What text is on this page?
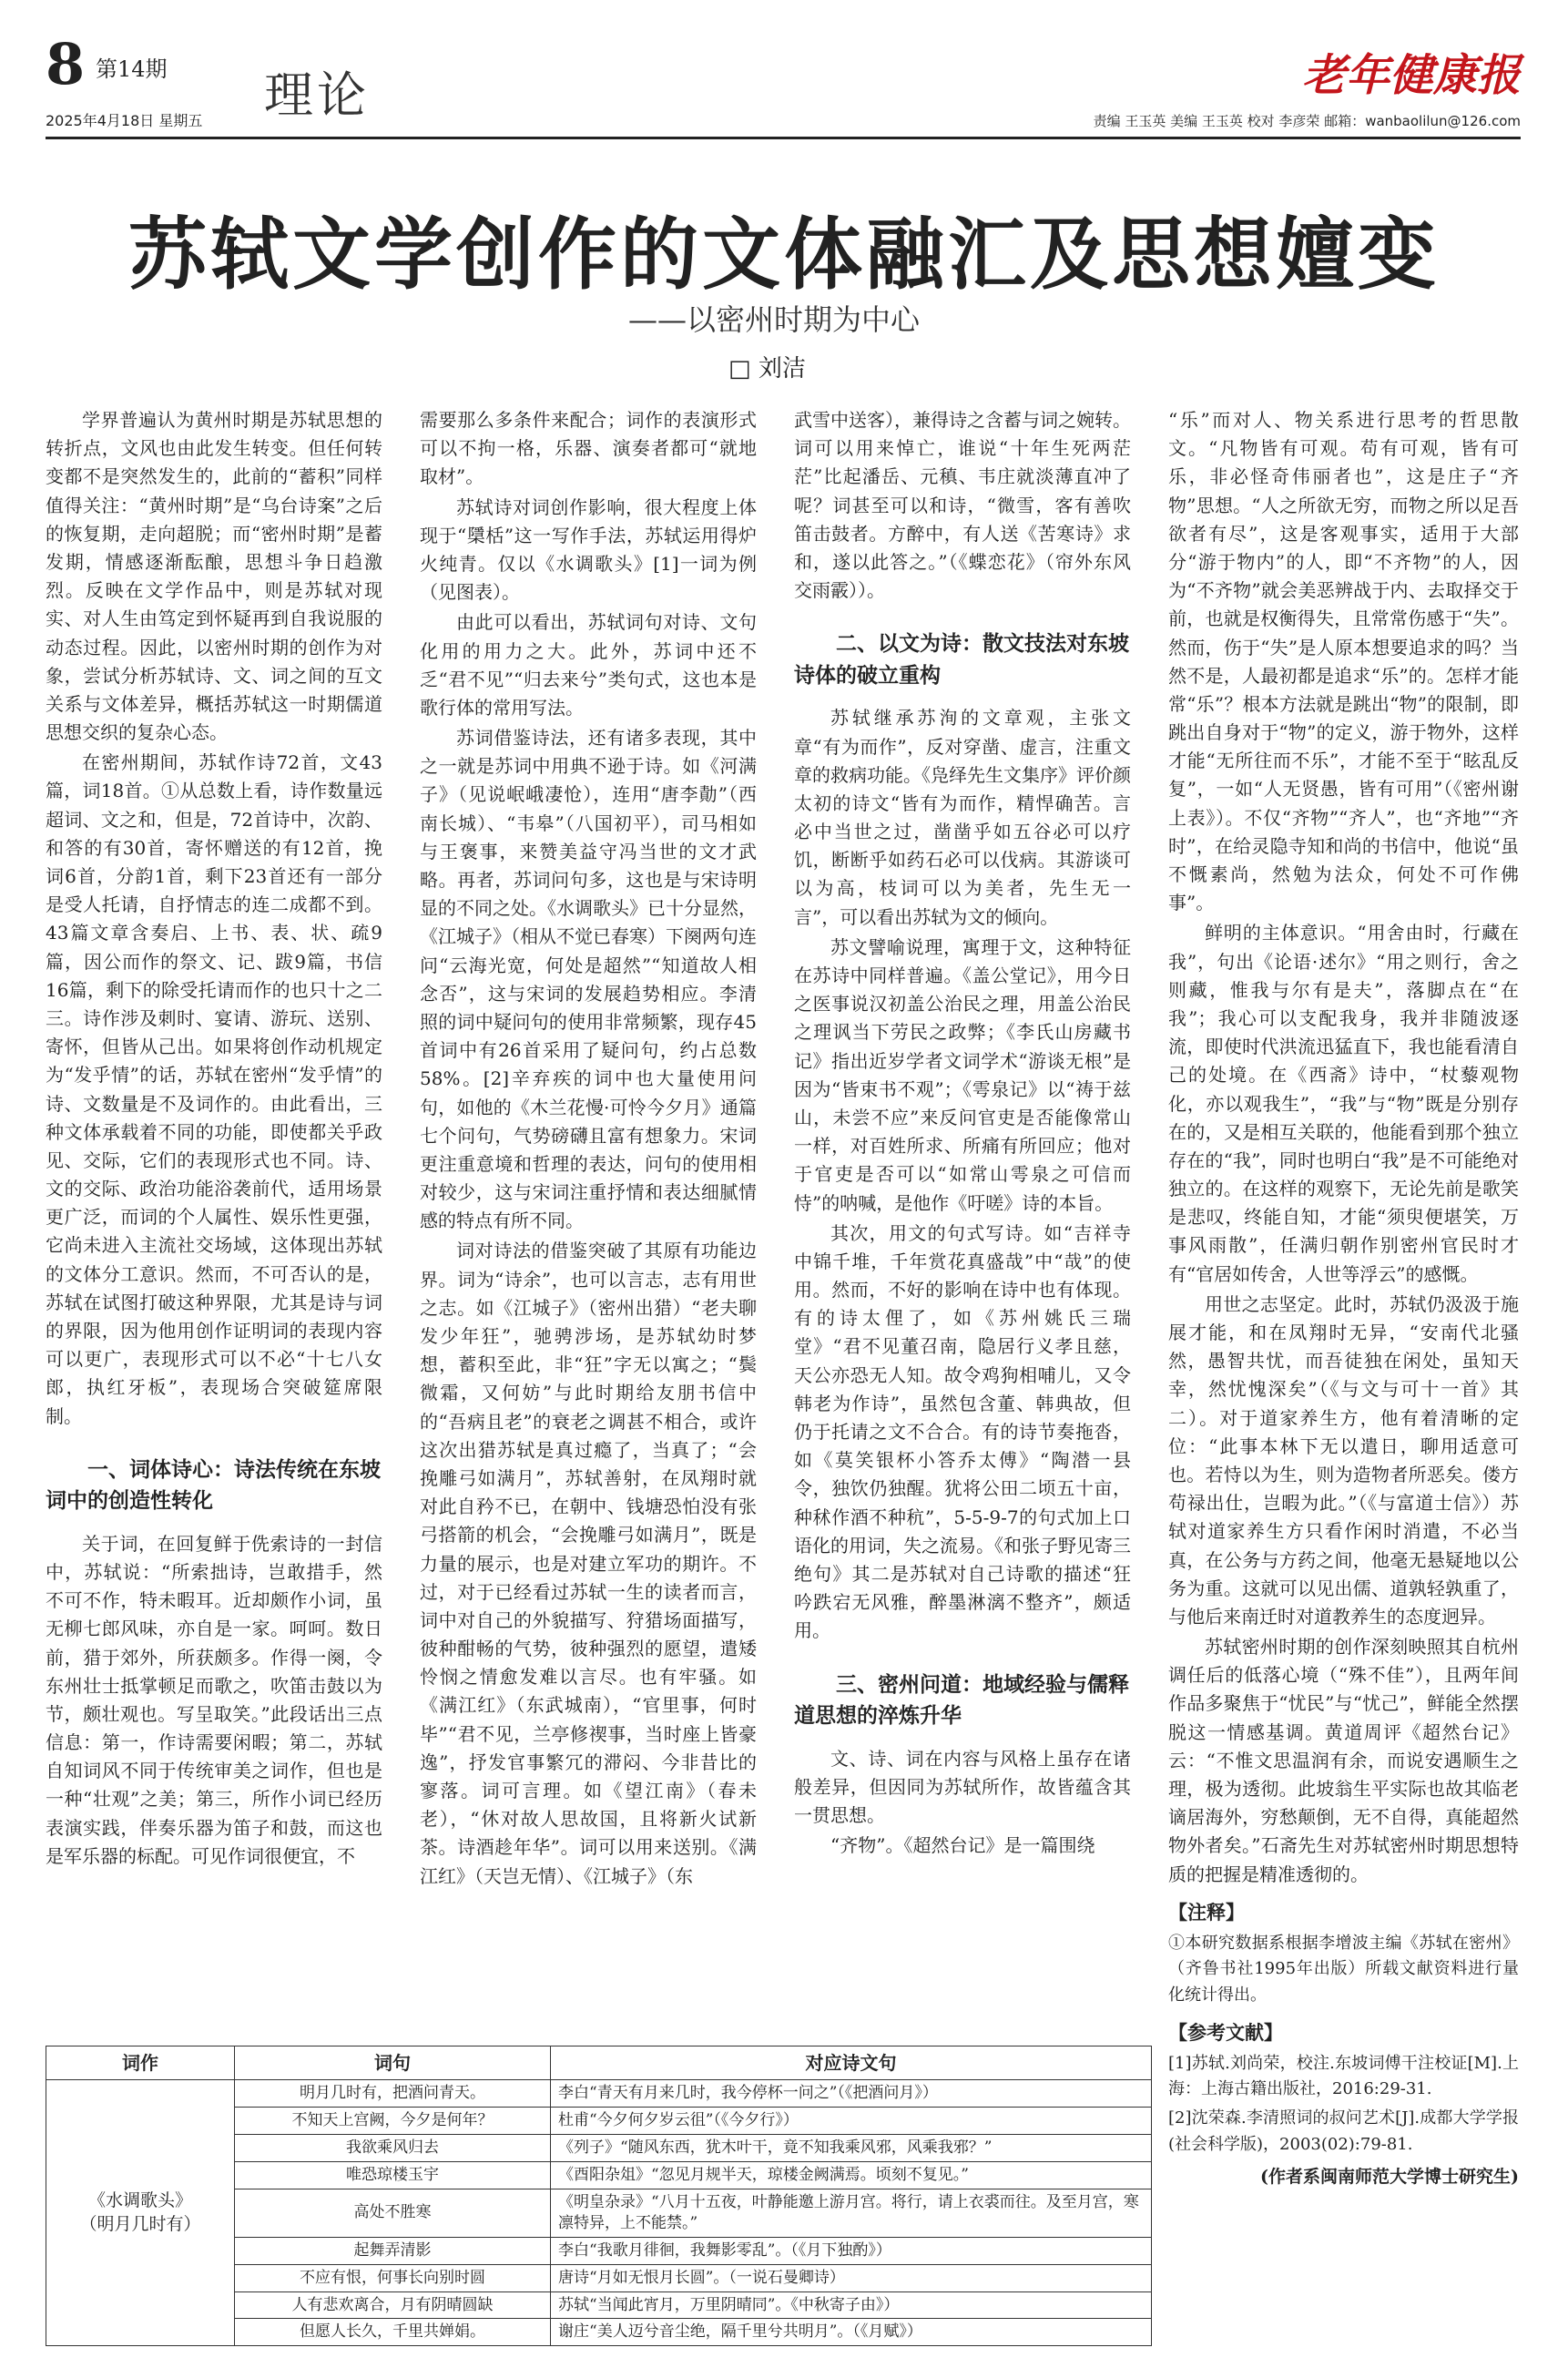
8 第14期
2025年4月18日 星期五 理论	老年健康报
责编 王玉英 美编 王玉英 校对 李彦荣 邮箱：wanbaolilun@126.com
苏轼文学创作的文体融汇及思想嬗变
——以密州时期为中心
□ 刘洁

学界普遍认为黄州时期是苏轼思想的转折点，文风也由此发生转变。但任何转变都不是突然发生的，此前的“蓄积”同样值得关注：“黄州时期”是“乌台诗案”之后的恢复期，走向超脱；而“密州时期”是蓄发期，情感逐渐酝酿，思想斗争日趋激烈。反映在文学作品中，则是苏轼对现实、对人生由笃定到怀疑再到自我说服的动态过程。因此，以密州时期的创作为对象，尝试分析苏轼诗、文、词之间的互文关系与文体差异，概括苏轼这一时期儒道思想交织的复杂心态。

在密州期间，苏轼作诗72首，文43篇，词18首。①从总数上看，诗作数量远超词、文之和，但是，72首诗中，次韵、和答的有30首，寄怀赠送的有12首，挽词6首，分韵1首，剩下23首还有一部分是受人托请，自抒情志的连二成都不到。43篇文章含奏启、上书、表、状、疏9篇，因公而作的祭文、记、跋9篇，书信16篇，剩下的除受托请而作的也只十之二三。诗作涉及刺时、宴请、游玩、送别、寄怀，但皆从己出。如果将创作动机规定为“发乎情”的话，苏轼在密州“发乎情”的诗、文数量是不及词作的。由此看出，三种文体承载着不同的功能，即使都关乎政见、交际，它们的表现形式也不同。诗、文的交际、政治功能浴袭前代，适用场景更广泛，而词的个人属性、娱乐性更强，它尚未进入主流社交场域，这体现出苏轼的文体分工意识。然而，不可否认的是，苏轼在试图打破这种界限，尤其是诗与词的界限，因为他用创作证明词的表现内容可以更广，表现形式可以不必“十七八女郎，执红牙板”，表现场合突破筵席限制。

一、词体诗心：诗法传统在东坡词中的创造性转化

关于词，在回复鲜于侁索诗的一封信中，苏轼说：“所索拙诗，岂敢措手，然不可不作，特未暇耳。近却颇作小词，虽无柳七郎风味，亦自是一家。呵呵。数日前，猎于郊外，所获颇多。作得一阕，令东州壮士抵掌顿足而歌之，吹笛击鼓以为节，颇壮观也。写呈取笑。”此段话出三点信息：第一，作诗需要闲暇；第二，苏轼自知词风不同于传统审美之词作，但也是一种“壮观”之美；第三，所作小词已经历表演实践，伴奏乐器为笛子和鼓，而这也是军乐器的标配。可见作词很便宜，不

需要那么多条件来配合；词作的表演形式可以不拘一格，乐器、演奏者都可“就地取材”。

苏轼诗对词创作影响，很大程度上体现于“檃栝”这一写作手法，苏轼运用得炉火纯青。仅以《水调歌头》[1]一词为例（见图表）。

由此可以看出，苏轼词句对诗、文句化用的用力之大。此外，苏词中还不乏“君不见”“归去来兮”类句式，这也本是歌行体的常用写法。

苏词借鉴诗法，还有诸多表现，其中之一就是苏词中用典不逊于诗。如《河满子》（见说岷峨凄怆），连用“唐李勣”（西南长城）、“韦皋”（八国初平），司马相如与王褒事，来赞美益守冯当世的文才武略。再者，苏词问句多，这也是与宋诗明显的不同之处。《水调歌头》已十分显然，《江城子》（相从不觉已春寒）下阕两句连问“云海光宽，何处是超然”“知道故人相念否”，这与宋词的发展趋势相应。李清照的词中疑问句的使用非常频繁，现存45首词中有26首采用了疑问句，约占总数58%。[2]辛弃疾的词中也大量使用问句，如他的《木兰花慢·可怜今夕月》通篇七个问句，气势磅礴且富有想象力。宋词更注重意境和哲理的表达，问句的使用相对较少，这与宋词注重抒情和表达细腻情感的特点有所不同。

词对诗法的借鉴突破了其原有功能边界。词为“诗余”，也可以言志，志有用世之志。如《江城子》（密州出猎）“老夫聊发少年狂”，驰骋涉场，是苏轼幼时梦想，蓄积至此，非“狂”字无以寓之；“鬓微霜，又何妨”与此时期给友朋书信中的“吾病且老”的衰老之调甚不相合，或许这次出猎苏轼是真过瘾了，当真了；“会挽雕弓如满月”，苏轼善射，在凤翔时就对此自矜不已，在朝中、钱塘恐怕没有张弓搭箭的机会，“会挽雕弓如满月”，既是力量的展示，也是对建立军功的期许。不过，对于已经看过苏轼一生的读者而言，词中对自己的外貌描写、狩猎场面描写，彼种酣畅的气势，彼种强烈的愿望，遣矮怜悯之情愈发难以言尽。也有牢骚。如《满江红》（东武城南），“官里事，何时毕”“君不见，兰亭修禊事，当时座上皆豪逸”，抒发官事繁冗的滞闷、今非昔比的寥落。词可言理。如《望江南》（春未老），“休对故人思故国，且将新火试新茶。诗酒趁年华”。词可以用来送别。《满江红》（天岂无情）、《江城子》（东

武雪中送客），兼得诗之含蓄与词之婉转。词可以用来悼亡，谁说“十年生死两茫茫”比起潘岳、元稹、韦庄就淡薄直冲了呢？词甚至可以和诗，“微雪，客有善吹笛击鼓者。方醉中，有人送《苦寒诗》求和，遂以此答之。”（《蝶恋花》（帘外东风交雨霰））。

二、以文为诗：散文技法对东坡诗体的破立重构

苏轼继承苏洵的文章观，主张文章“有为而作”，反对穿凿、虚言，注重文章的救病功能。《凫绎先生文集序》评价颜太初的诗文“皆有为而作，精悍确苦。言必中当世之过，凿凿乎如五谷必可以疗饥，断断乎如药石必可以伐病。其游谈可以为高，枝词可以为美者，先生无一言”，可以看出苏轼为文的倾向。

苏文譬喻说理，寓理于文，这种特征在苏诗中同样普遍。《盖公堂记》，用今日之医事说汉初盖公治民之理，用盖公治民之理讽当下劳民之政弊；《李氏山房藏书记》指出近岁学者文词学术“游谈无根”是因为“皆束书不观”；《雩泉记》以“祷于兹山，未尝不应”来反问官吏是否能像常山一样，对百姓所求、所痛有所回应；他对于官吏是否可以“如常山雩泉之可信而恃”的呐喊，是他作《吁嗟》诗的本旨。

其次，用文的句式写诗。如“吉祥寺中锦千堆，千年赏花真盛哉”中“哉”的使用。然而，不好的影响在诗中也有体现。有的诗太俚了，如《苏州姚氏三瑞堂》“君不见董召南，隐居行义孝且慈，天公亦恐无人知。故令鸡狗相哺儿，又令韩老为作诗”，虽然包含董、韩典故，但仍于托请之文不合合。有的诗节奏拖沓，如《莫笑银杯小答乔太傅》“陶潜一县令，独饮仍独醒。犹将公田二顷五十亩，种秫作酒不种秔”，5-5-9-7的句式加上口语化的用词，失之流易。《和张子野见寄三绝句》其二是苏轼对自己诗歌的描述“狂吟跌宕无风雅，醉墨淋漓不整齐”，颇适用。

三、密州问道：地域经验与儒释道思想的淬炼升华

文、诗、词在内容与风格上虽存在诸般差异，但因同为苏轼所作，故皆蕴含其一贯思想。

“齐物”。《超然台记》是一篇围绕

“乐”而对人、物关系进行思考的哲思散文。“凡物皆有可观。苟有可观，皆有可乐，非必怪奇伟丽者也”，这是庄子“齐物”思想。“人之所欲无穷，而物之所以足吾欲者有尽”，这是客观事实，适用于大部分“游于物内”的人，即“不齐物”的人，因为“不齐物”就会美恶辨战于内、去取择交于前，也就是权衡得失，且常常伤感于“失”。然而，伤于“失”是人原本想要追求的吗？当然不是，人最初都是追求“乐”的。怎样才能常“乐”？根本方法就是跳出“物”的限制，即跳出自身对于“物”的定义，游于物外，这样才能“无所往而不乐”，才能不至于“眩乱反复”，一如“人无贤愚，皆有可用”（《密州谢上表》）。不仅“齐物”“齐人”，也“齐地”“齐时”，在给灵隐寺知和尚的书信中，他说“虽不慨素尚，然勉为法众，何处不可作佛事”。

鲜明的主体意识。“用舍由时，行藏在我”，句出《论语·述尔》“用之则行，舍之则藏，惟我与尔有是夫”，落脚点在“在我”；我心可以支配我身，我并非随波逐流，即使时代洪流迅猛直下，我也能看清自己的处境。在《西斋》诗中，“杖藜观物化，亦以观我生”，“我”与“物”既是分别存在的，又是相互关联的，他能看到那个独立存在的“我”，同时也明白“我”是不可能绝对独立的。在这样的观察下，无论先前是歌笑是悲叹，终能自知，才能“须臾便堪笑，万事风雨散”，任满归朝作别密州官民时才有“官居如传舍，人世等浮云”的感慨。

用世之志坚定。此时，苏轼仍汲汲于施展才能，和在凤翔时无异，“安南代北骚然，愚智共忧，而吾徒独在闲处，虽知天幸，然忧愧深矣”（《与文与可十一首》其二）。对于道家养生方，他有着清晰的定位：“此事本林下无以遣日，聊用适意可也。若恃以为生，则为造物者所恶矣。偻方苟禄出仕，岂暇为此。”（《与富道士信》）苏轼对道家养生方只看作闲时消遣，不必当真，在公务与方药之间，他毫无悬疑地以公务为重。这就可以见出儒、道孰轻孰重了，与他后来南迁时对道教养生的态度迥异。

苏轼密州时期的创作深刻映照其自杭州调任后的低落心境（“殊不佳”），且两年间作品多聚焦于“忧民”与“忧己”，鲜能全然摆脱这一情感基调。黄道周评《超然台记》云：“不惟文思温润有余，而说安遇顺生之理，极为透彻。此坡翁生平实际也故其临老谪居海外，穷愁颠倒，无不自得，真能超然物外者矣。”石斋先生对苏轼密州时期思想特质的把握是精准透彻的。

【注释】
①本研究数据系根据李增波主编《苏轼在密州》（齐鲁书社1995年出版）所载文献资料进行量化统计得出。
【参考文献】
[1]苏轼.刘尚荣，校注.东坡词傅干注校证[M].上海：上海古籍出版社，2016:29-31.
[2]沈荣森.李清照词的叔问艺术[J].成都大学学报(社会科学版)，2003(02):79-81.
(作者系闽南师范大学博士研究生)
词作	词句	对应诗文句
《水调歌头》
（明月几时有）	明月几时有，把酒问青天。	李白“青天有月来几时，我今停杯一问之”（《把酒问月》）
	不知天上宫阙，今夕是何年？	杜甫“今夕何夕岁云徂”（《今夕行》）
	我欲乘风归去	《列子》“随风东西，犹木叶干，竟不知我乘风邪，风乘我邪？”
	唯恐琼楼玉宇	《酉阳杂俎》“忽见月规半天，琼楼金阙满焉。顷刻不复见。”
	高处不胜寒	《明皇杂录》“八月十五夜，叶静能邀上游月宫。将行，请上衣裘而往。及至月宫，寒凛特异，上不能禁。”
	起舞弄清影	李白“我歌月徘徊，我舞影零乱”。（《月下独酌》）
	不应有恨，何事长向别时圆	唐诗“月如无恨月长圆”。（一说石曼卿诗）
	人有悲欢离合，月有阴晴圆缺	苏轼“当闻此宵月，万里阴晴同”。《中秋寄子由》）
	但愿人长久，千里共婵娟。	谢庄“美人迈兮音尘绝，隔千里兮共明月”。（《月赋》）
